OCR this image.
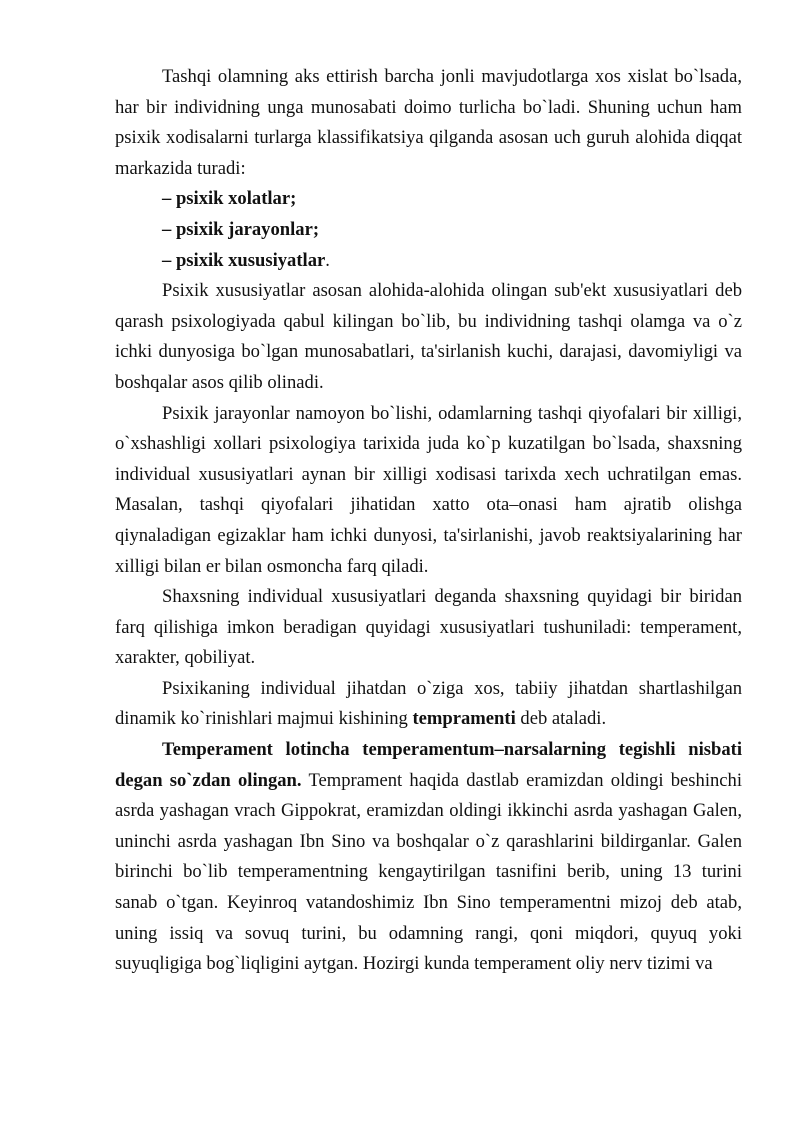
Tashqi olamning aks ettirish barcha jonli mavjudotlarga xos xislat bo`lsada, har bir individning unga munosabati doimo turlicha bo`ladi. Shuning uchun ham psixik xodisalarni turlarga klassifikatsiya qilganda asosan uch guruh alohida diqqat markazida turadi:

– psixik xolatlar;
– psixik jarayonlar;
– psixik xususiyatlar.

Psixik xususiyatlar asosan alohida-alohida olingan sub'ekt xususiyatlari deb qarash psixologiyada qabul kilingan bo`lib, bu individning tashqi olamga va o`z ichki dunyosiga bo`lgan munosabatlari, ta'sirlanish kuchi, darajasi, davomiyligi va boshqalar asos qilib olinadi.

Psixik jarayonlar namoyon bo`lishi, odamlarning tashqi qiyofalari bir xilligi, o`xshashligi xollari psixologiya tarixida juda ko`p kuzatilgan bo`lsada, shaxsning individual xususiyatlari aynan bir xilligi xodisasi tarixda xech uchratilgan emas. Masalan, tashqi qiyofalari jihatidan xatto ota–onasi ham ajratib olishga qiynaladigan egizaklar ham ichki dunyosi, ta'sirlanishi, javob reaktsiyalarining har xilligi bilan er bilan osmoncha farq qiladi.

Shaxsning individual xususiyatlari deganda shaxsning quyidagi bir biridan farq qilishiga imkon beradigan quyidagi xususiyatlari tushuniladi: temperament, xarakter, qobiliyat.

Psixikaning individual jihatdan o`ziga xos, tabiiy jihatdan shartlashilgan dinamik ko`rinishlari majmui kishining tempramenti deb ataladi.

Temperament lotincha temperamentum–narsalarning tegishli nisbati degan so`zdan olingan. Temprament haqida dastlab eramizdan oldingi beshinchi asrda yashagan vrach Gippokrat, eramizdan oldingi ikkinchi asrda yashagan Galen, uninchi asrda yashagan Ibn Sino va boshqalar o`z qarashlarini bildirganlar. Galen birinchi bo`lib temperamentning kengaytirilgan tasnifini berib, uning 13 turini sanab o`tgan. Keyinroq vatandoshimiz Ibn Sino temperamentni mizoj deb atab, uning issiq va sovuq turini, bu odamning rangi, qoni miqdori, quyuq yoki suyuqligiga bog`liqligini aytgan. Hozirgi kunda temperament oliy nerv tizimi va
